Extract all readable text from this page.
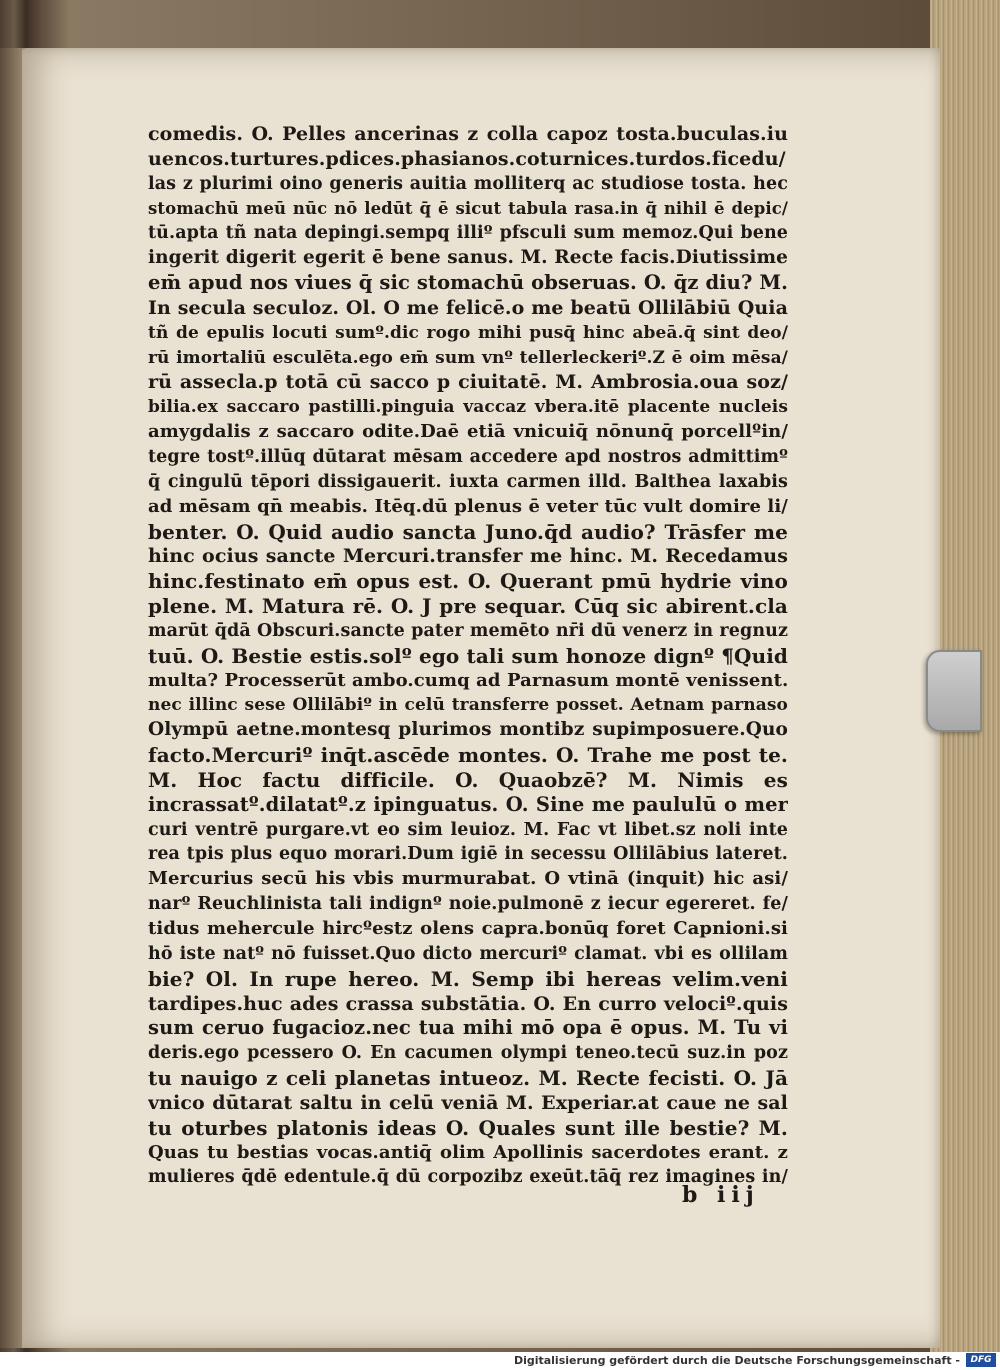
comedis. O. Pelles ancerinas z colla capoz tosta.buculas.iu
uencos.turtures.pdices.phasianos.coturnices.turdos.ficedu/
las z plurimi oino generis auitia molliterq ac studiose tosta. hec
stomachū meū nūc nō ledūt q̄ ē sicut tabula rasa.in q̄ nihil ē depic/
tū.apta tñ nata depingi.sempq illiº pfsculi sum memoz.Qui bene
ingerit digerit egerit ē bene sanus. M. Recte facis.Diutissime
em̄ apud nos viues q̄ sic stomachū obseruas. O. q̄z diu? M.
In secula seculoz. Ol. O me felicē.o me beatū Ollilābiū Quia
tñ de epulis locuti sumº.dic rogo mihi pusq̄ hinc abeā.q̄ sint deo/
rū imortaliū esculēta.ego em̄ sum vnº tellerleckeriº.Z ē oim mēsa/
rū assecla.p totā cū sacco p ciuitatē. M. Ambrosia.oua soz/
bilia.ex saccaro pastilli.pinguia vaccaz vbera.itē placente nucleis
amygdalis z saccaro odite.Daē etiā vnicuiq̄ nōnunq̄ porcellºin/
tegre tostº.illūq dūtarat mēsam accedere apd nostros admittimº
q̄ cingulū tēpori dissigauerit. iuxta carmen illd. Balthea laxabis
ad mēsam qn̄ meabis. Itēq.dū plenus ē veter tūc vult domire li/
benter. O. Quid audio sancta Juno.q̄d audio? Trāsfer me
hinc ocius sancte Mercuri.transfer me hinc. M. Recedamus
hinc.festinato em̄ opus est. O. Querant pmū hydrie vino
plene. M. Matura rē. O. J pre sequar. Cūq sic abirent.cla
marūt q̄dā Obscuri.sancte pater memēto nr̄i dū venerz in regnuz
tuū. O. Bestie estis.solº ego tali sum honoze dignº ¶Quid
multa? Processerūt ambo.cumq ad Parnasum montē venissent.
nec illinc sese Ollilābiº in celū transferre posset. Aetnam parnaso
Olympū aetne.montesq plurimos montibz supimposuere.Quo
facto.Mercuriº inq̄t.ascēde montes. O. Trahe me post te.
M. Hoc factu difficile. O. Quaobzē? M. Nimis es
incrassatº.dilatatº.z ipinguatus. O. Sine me paululū o mer
curi ventrē purgare.vt eo sim leuioz. M. Fac vt libet.sz noli inte
rea tpis plus equo morari.Dum igiē in secessu Ollilābius lateret.
Mercurius secū his vbis murmurabat. O vtinā (inquit) hic asi/
narº Reuchlinista tali indignº noie.pulmonē z iecur egereret. fe/
tidus mehercule hircºestz olens capra.bonūq foret Capnioni.si
hō iste natº nō fuisset.Quo dicto mercuriº clamat. vbi es ollilam
bie? Ol. In rupe hereo. M. Semp ibi hereas velim.veni
tardipes.huc ades crassa substātia. O. En curro velociº.quis
sum ceruo fugacioz.nec tua mihi mō opa ē opus. M. Tu vi
deris.ego pcessero O. En cacumen olympi teneo.tecū suz.in poz
tu nauigo z celi planetas intueoz. M. Recte fecisti. O. Jā
vnico dūtarat saltu in celū veniā M. Experiar.at caue ne sal
tu oturbes platonis ideas O. Quales sunt ille bestie? M.
Quas tu bestias vocas.antiq̄ olim Apollinis sacerdotes erant. z
mulieres q̄dē edentule.q̄ dū corpozibz exeūt.tāq̄ rez imagines in/
b iij
Digitalisierung gefördert durch die Deutsche Forschungsgemeinschaft -	DFG
